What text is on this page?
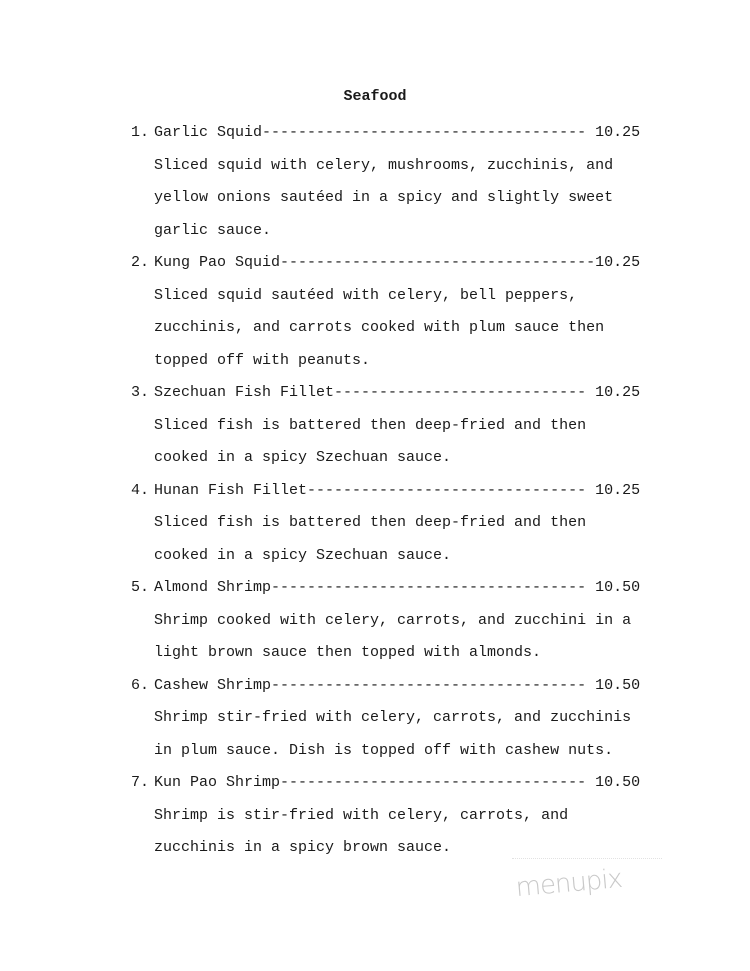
Seafood
1. Garlic Squid------------------------------------ 10.25
Sliced squid with celery, mushrooms, zucchinis, and
yellow onions sautéed in a spicy and slightly sweet
garlic sauce.
2. Kung Pao Squid-----------------------------------10.25
Sliced squid sautéed with celery, bell peppers,
zucchinis, and carrots cooked with plum sauce then
topped off with peanuts.
3. Szechuan Fish Fillet---------------------------- 10.25
Sliced fish is battered then deep-fried and then
cooked in a spicy Szechuan sauce.
4. Hunan Fish Fillet------------------------------- 10.25
Sliced fish is battered then deep-fried and then
cooked in a spicy Szechuan sauce.
5. Almond Shrimp----------------------------------- 10.50
Shrimp cooked with celery, carrots, and zucchini in a
light brown sauce then topped with almonds.
6. Cashew Shrimp----------------------------------- 10.50
Shrimp stir-fried with celery, carrots, and zucchinis
in plum sauce. Dish is topped off with cashew nuts.
7. Kun Pao Shrimp---------------------------------- 10.50
Shrimp is stir-fried with celery, carrots, and
zucchinis in a spicy brown sauce.
menupix
